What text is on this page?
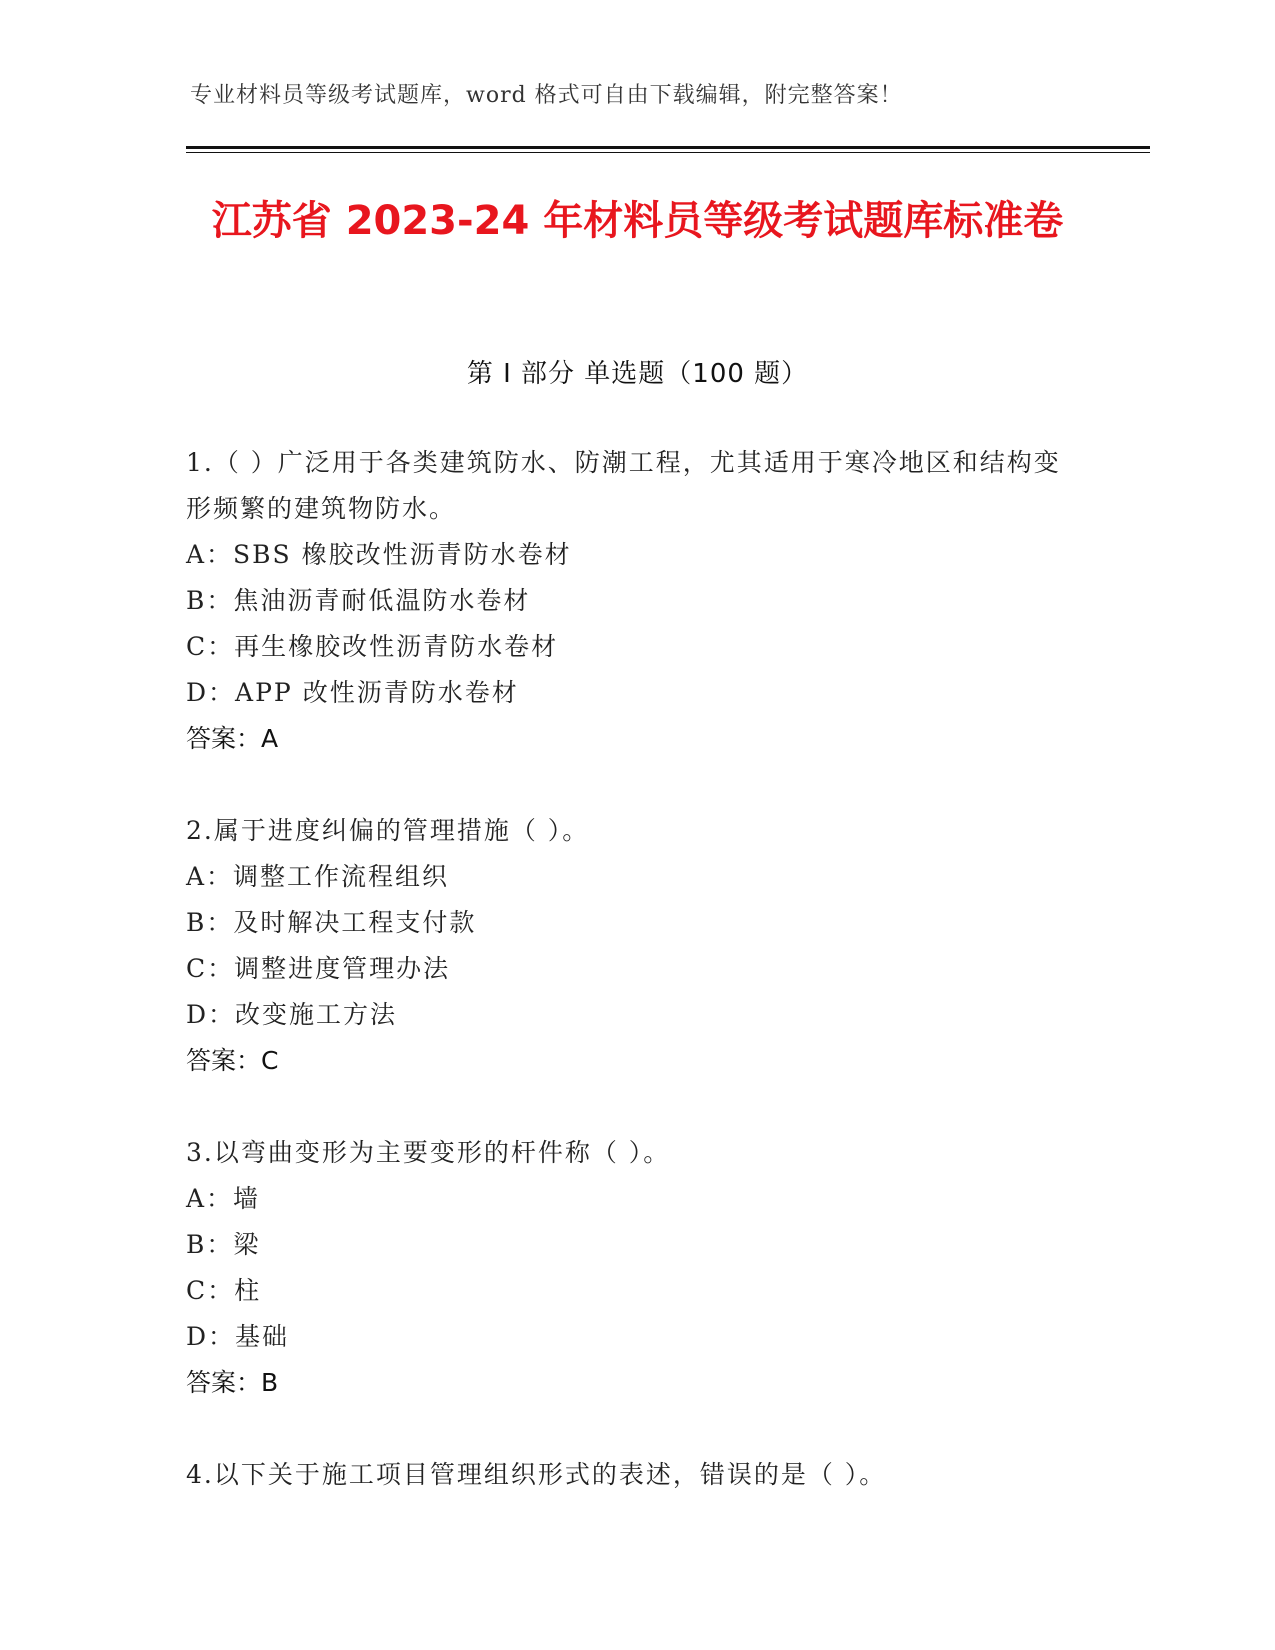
专业材料员等级考试题库，word 格式可自由下载编辑，附完整答案！
江苏省 2023-24 年材料员等级考试题库标准卷
第 I 部分 单选题（100 题）
1.（ ）广泛用于各类建筑防水、防潮工程，尤其适用于寒冷地区和结构变形频繁的建筑物防水。
A：SBS 橡胶改性沥青防水卷材
B：焦油沥青耐低温防水卷材
C：再生橡胶改性沥青防水卷材
D：APP 改性沥青防水卷材
答案：A
2.属于进度纠偏的管理措施（ ）。
A：调整工作流程组织
B：及时解决工程支付款
C：调整进度管理办法
D：改变施工方法
答案：C
3.以弯曲变形为主要变形的杆件称（ ）。
A：墙
B：梁
C：柱
D：基础
答案：B
4.以下关于施工项目管理组织形式的表述，错误的是（ ）。
